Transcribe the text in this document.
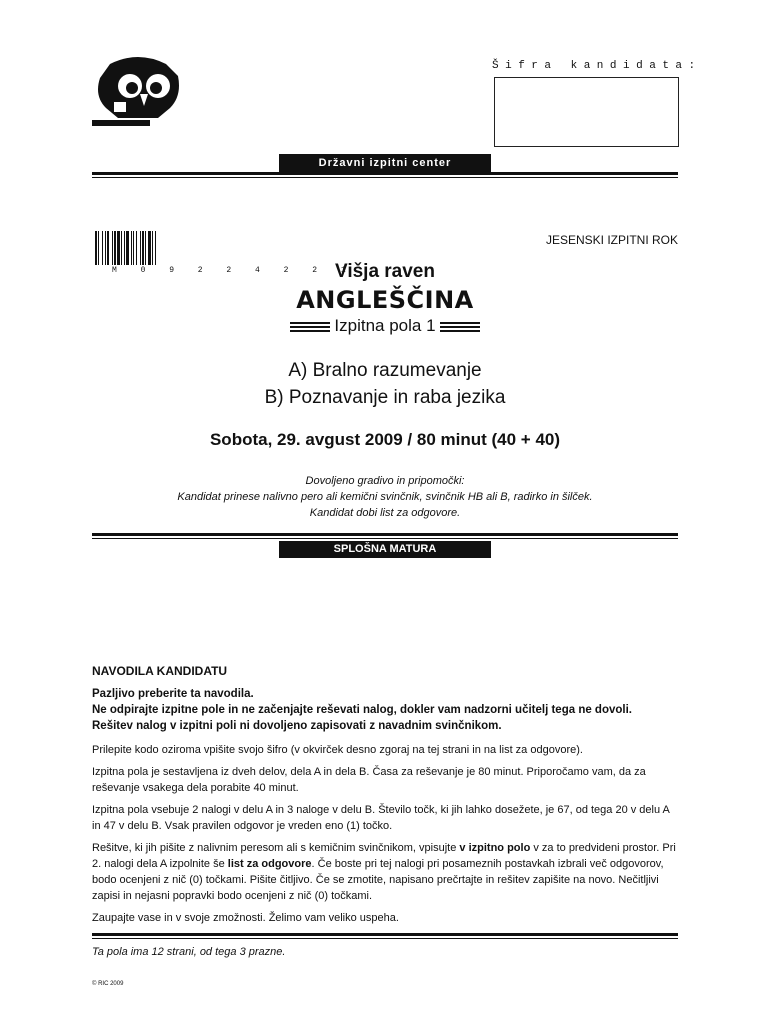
Šifra kandidata:
Državni izpitni center
M 0 9 2 2 4 2 2 1
JESENSKI IZPITNI ROK
Višja raven
ANGLEŠČINA
Izpitna pola 1
A) Bralno razumevanje
B) Poznavanje in raba jezika
Sobota, 29. avgust 2009 / 80 minut (40 + 40)
Dovoljeno gradivo in pripomočki:
Kandidat prinese nalivno pero ali kemični svinčnik, svinčnik HB ali B, radirko in šilček.
Kandidat dobi list za odgovore.
SPLOŠNA MATURA
NAVODILA KANDIDATU
Pazljivo preberite ta navodila.
Ne odpirajte izpitne pole in ne začenjajte reševati nalog, dokler vam nadzorni učitelj tega ne dovoli.
Rešitev nalog v izpitni poli ni dovoljeno zapisovati z navadnim svinčnikom.

Prilepite kodo oziroma vpišite svojo šifro (v okvirček desno zgoraj na tej strani in na list za odgovore).

Izpitna pola je sestavljena iz dveh delov, dela A in dela B. Časa za reševanje je 80 minut. Priporočamo vam, da za reševanje vsakega dela porabite 40 minut.

Izpitna pola vsebuje 2 nalogi v delu A in 3 naloge v delu B. Število točk, ki jih lahko dosežete, je 67, od tega 20 v delu A in 47 v delu B. Vsak pravilen odgovor je vreden eno (1) točko.

Rešitve, ki jih pišite z nalivnim peresom ali s kemičnim svinčnikom, vpisujte v izpitno polo v za to predvideni prostor. Pri 2. nalogi dela A izpolnite še list za odgovore. Če boste pri tej nalogi pri posameznih postavkah izbrali več odgovorov, bodo ocenjeni z nič (0) točkami. Pišite čitljivo. Če se zmotite, napisano prečrtajte in rešitev zapišite na novo. Nečitljivi zapisi in nejasni popravki bodo ocenjeni z nič (0) točkami.

Zaupajte vase in v svoje zmožnosti. Želimo vam veliko uspeha.

Ta pola ima 12 strani, od tega 3 prazne.
© RIC 2009
